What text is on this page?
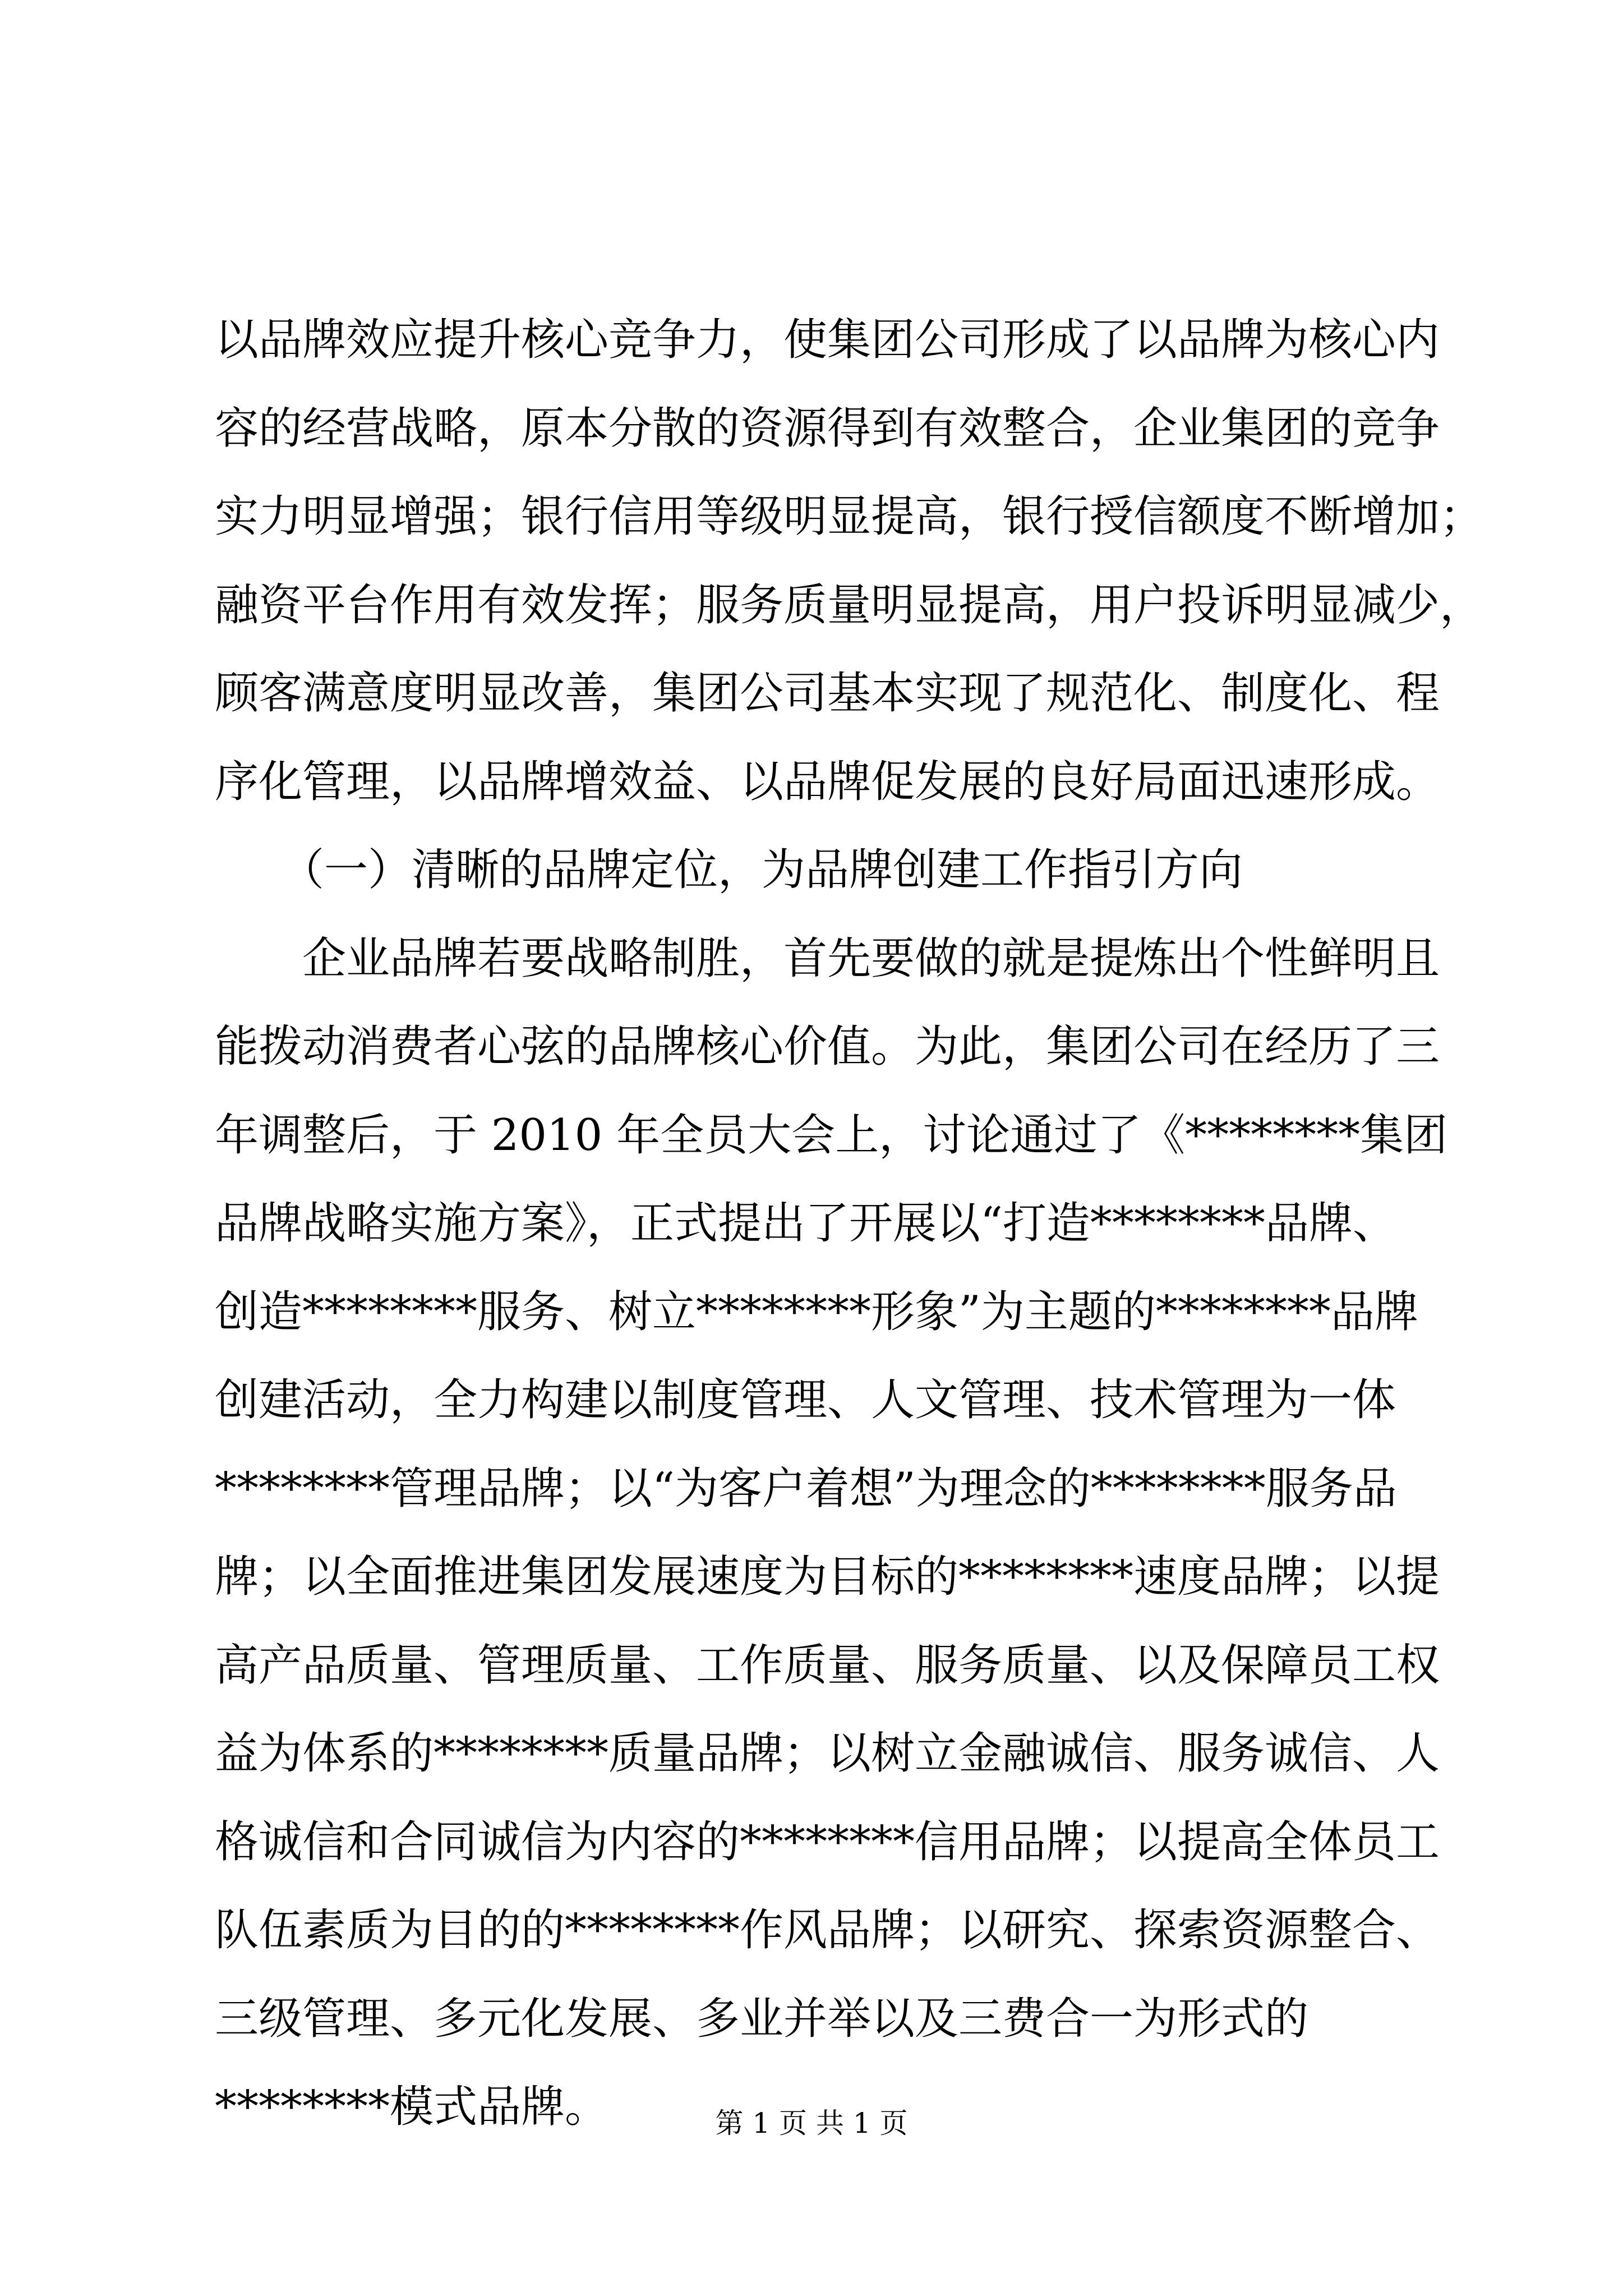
以品牌效应提升核心竞争力，使集团公司形成了以品牌为核心内
容的经营战略，原本分散的资源得到有效整合，企业集团的竞争
实力明显增强；银行信用等级明显提高，银行授信额度不断增加；
融资平台作用有效发挥；服务质量明显提高，用户投诉明显减少，
顾客满意度明显改善，集团公司基本实现了规范化、制度化、程
序化管理，以品牌增效益、以品牌促发展的良好局面迅速形成。
　　（一）清晰的品牌定位，为品牌创建工作指引方向
　　企业品牌若要战略制胜，首先要做的就是提炼出个性鲜明且
能拨动消费者心弦的品牌核心价值。为此，集团公司在经历了三
年调整后，于 2010 年全员大会上，讨论通过了《********集团
品牌战略实施方案》，正式提出了开展以“打造********品牌、
创造********服务、树立********形象”为主题的********品牌
创建活动，全力构建以制度管理、人文管理、技术管理为一体
********管理品牌；以“为客户着想”为理念的********服务品
牌；以全面推进集团发展速度为目标的********速度品牌；以提
高产品质量、管理质量、工作质量、服务质量、以及保障员工权
益为体系的********质量品牌；以树立金融诚信、服务诚信、人
格诚信和合同诚信为内容的********信用品牌；以提高全体员工
队伍素质为目的的********作风品牌；以研究、探索资源整合、
三级管理、多元化发展、多业并举以及三费合一为形式的
********模式品牌。	第 1 页 共 1 页
